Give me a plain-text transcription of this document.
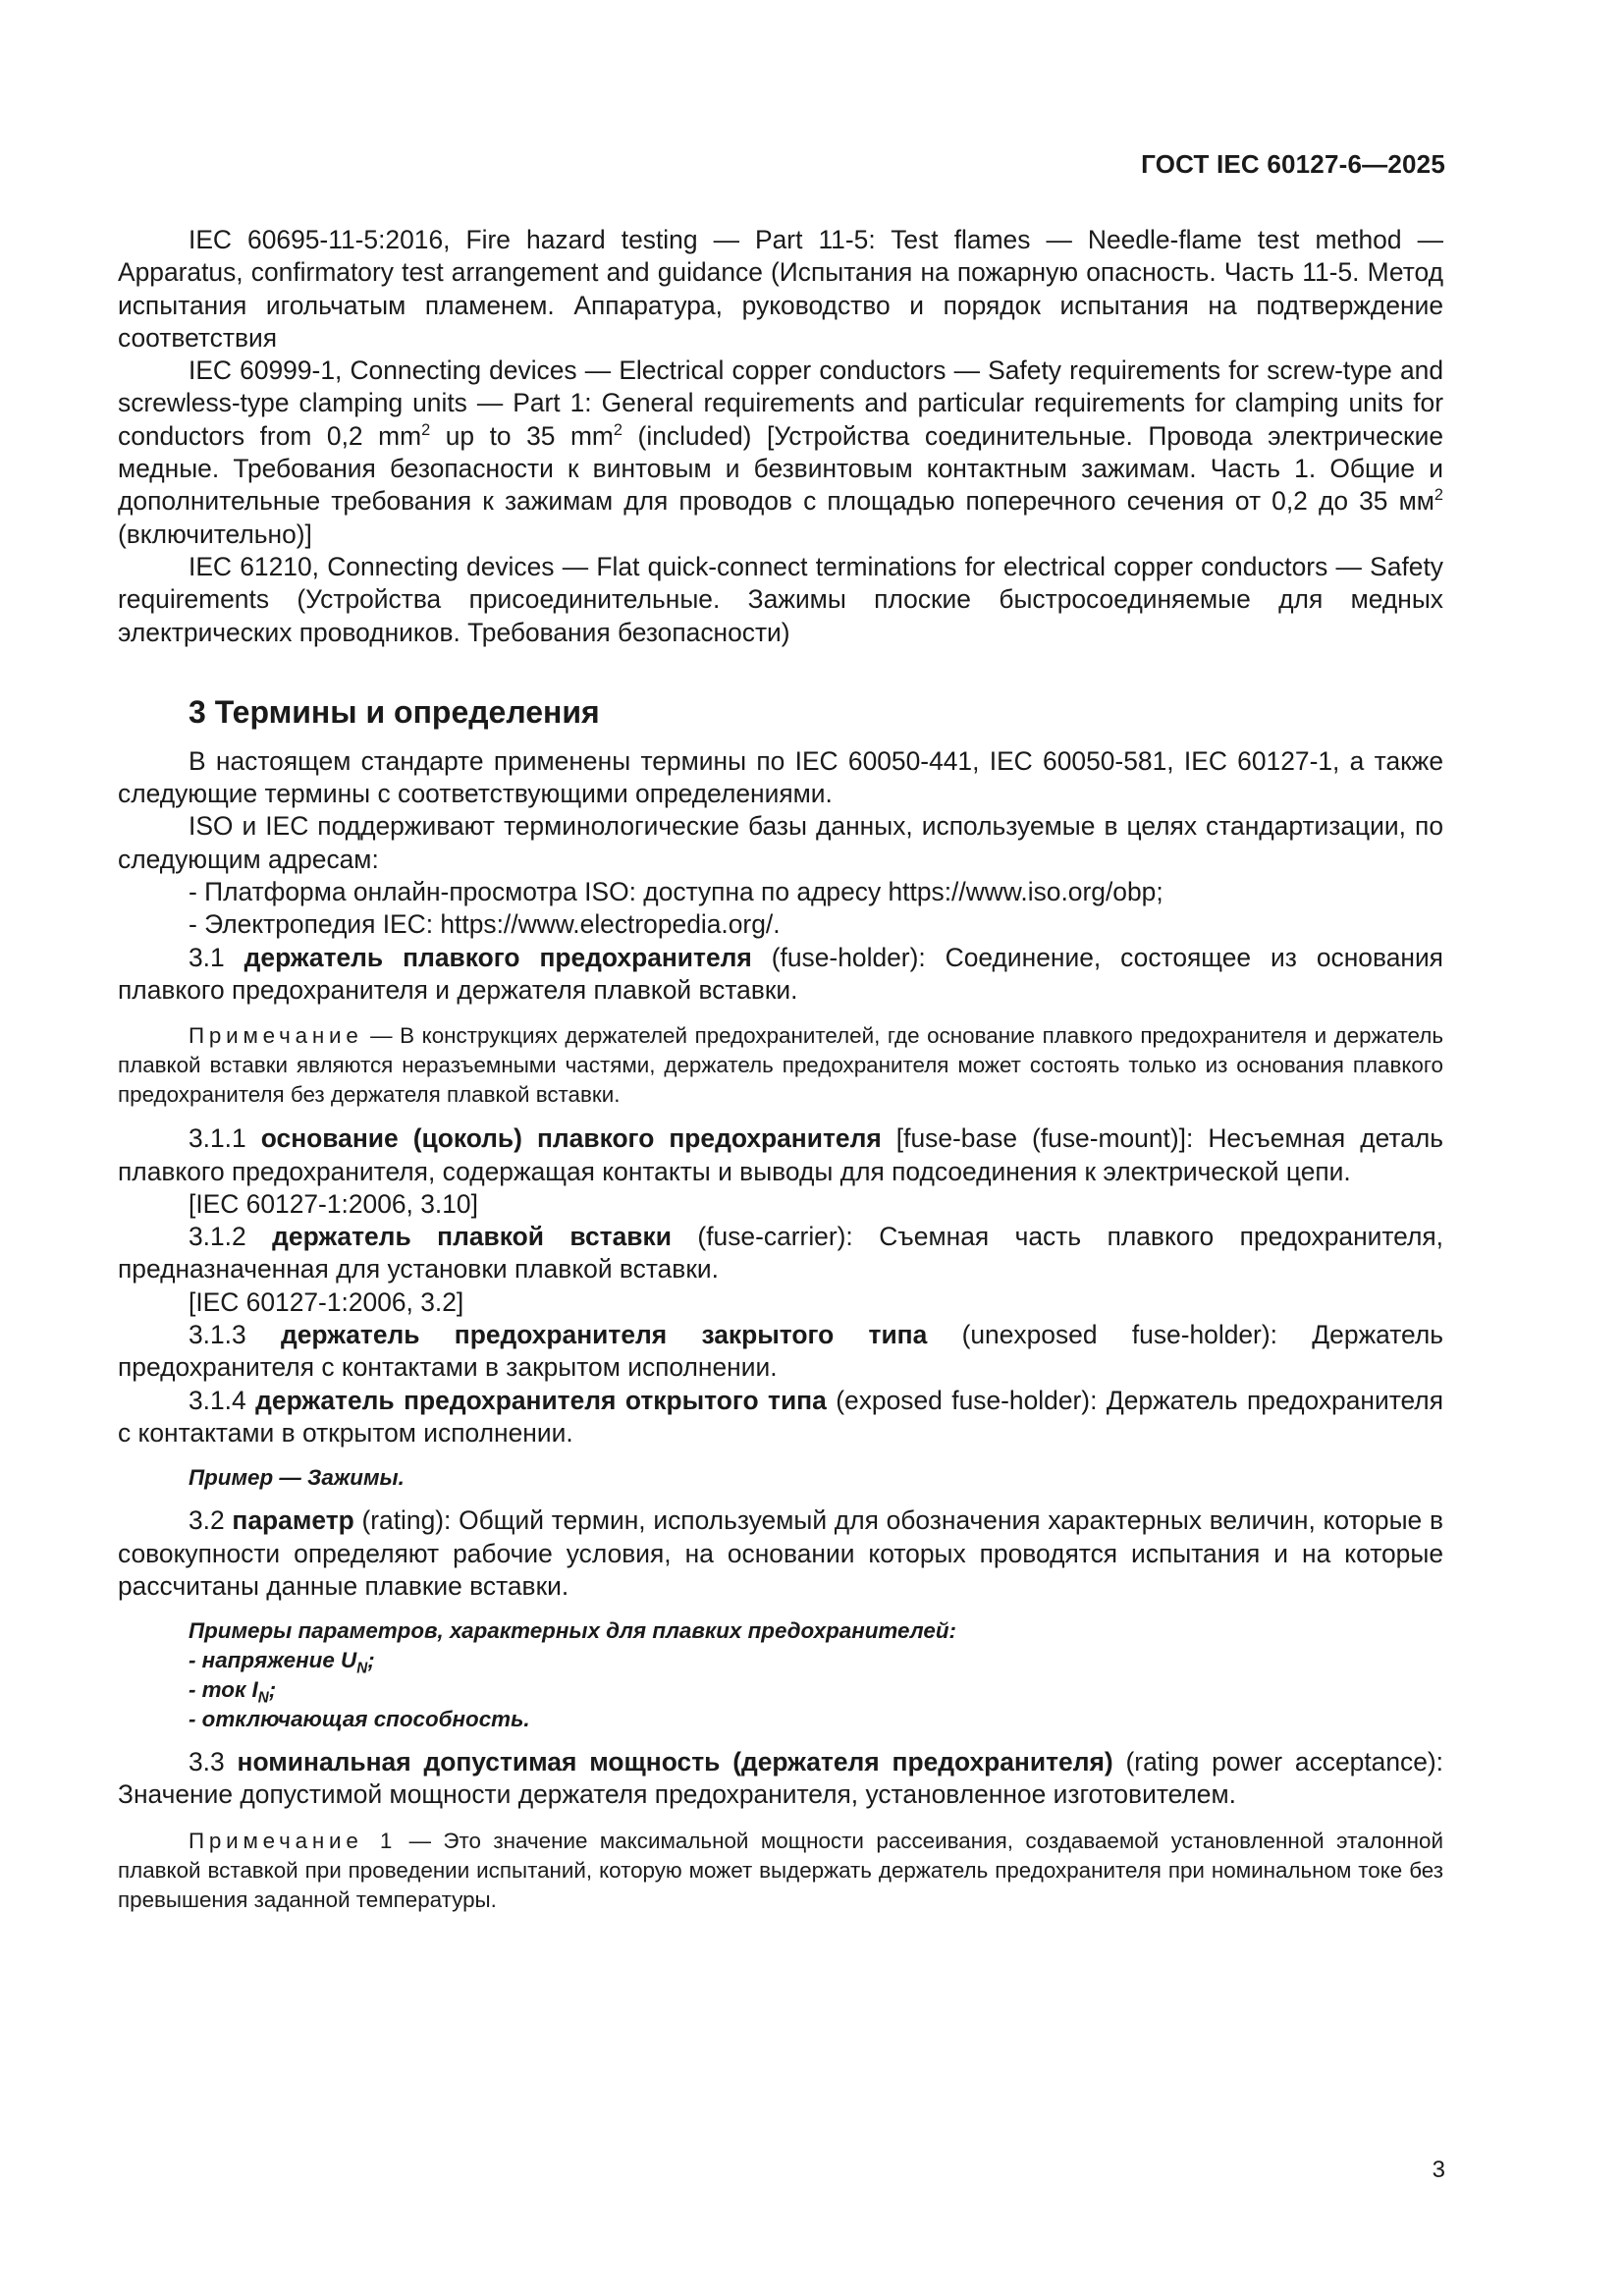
ГОСТ IEC 60127-6—2025

IEC 60695-11-5:2016, Fire hazard testing — Part 11-5: Test flames — Needle-flame test method — Apparatus, confirmatory test arrangement and guidance (Испытания на пожарную опасность. Часть 11-5. Метод испытания игольчатым пламенем. Аппаратура, руководство и порядок испытания на подтверждение соответствия

IEC 60999-1, Connecting devices — Electrical copper conductors — Safety requirements for screw-type and screwless-type clamping units — Part 1: General requirements and particular requirements for clamping units for conductors from 0,2 $mm^2$ up to 35 $mm^2$ (included) [Устройства соединительные. Провода электрические медные. Требования безопасности к винтовым и безвинтовым контактным зажимам. Часть 1. Общие и дополнительные требования к зажимам для проводов с площадью поперечного сечения от 0,2 до 35 $мм^2$ (включительно)]

IEC 61210, Connecting devices — Flat quick-connect terminations for electrical copper conductors — Safety requirements (Устройства присоединительные. Зажимы плоские быстросоединяемые для медных электрических проводников. Требования безопасности)

3 Термины и определения

В настоящем стандарте применены термины по IEC 60050-441, IEC 60050-581, IEC 60127-1, а также следующие термины с соответствующими определениями.

ISO и IEC поддерживают терминологические базы данных, используемые в целях стандартизации, по следующим адресам:

- Платформа онлайн-просмотра ISO: доступна по адресу https://www.iso.org/obp;

- Электропедия IEC: https://www.electropedia.org/.

3.1 держатель плавкого предохранителя (fuse-holder): Соединение, состоящее из основания плавкого предохранителя и держателя плавкой вставки.

Примечание — В конструкциях держателей предохранителей, где основание плавкого предохранителя и держатель плавкой вставки являются неразъемными частями, держатель предохранителя может состоять только из основания плавкого предохранителя без держателя плавкой вставки.

3.1.1 основание (цоколь) плавкого предохранителя [fuse-base (fuse-mount)]: Несъемная деталь плавкого предохранителя, содержащая контакты и выводы для подсоединения к электрической цепи.

[IEC 60127-1:2006, 3.10]

3.1.2 держатель плавкой вставки (fuse-carrier): Съемная часть плавкого предохранителя, предназначенная для установки плавкой вставки.

[IEC 60127-1:2006, 3.2]

3.1.3 держатель предохранителя закрытого типа (unexposed fuse-holder): Держатель предохранителя с контактами в закрытом исполнении.

3.1.4 держатель предохранителя открытого типа (exposed fuse-holder): Держатель предохранителя с контактами в открытом исполнении.

Пример — Зажимы.

3.2 параметр (rating): Общий термин, используемый для обозначения характерных величин, которые в совокупности определяют рабочие условия, на основании которых проводятся испытания и на которые рассчитаны данные плавкие вставки.

Примеры параметров, характерных для плавких предохранителей:
- напряжение $U_N$;
- ток $I_N$;
- отключающая способность.

3.3 номинальная допустимая мощность (держателя предохранителя) (rating power acceptance): Значение допустимой мощности держателя предохранителя, установленное изготовителем.

Примечание 1 — Это значение максимальной мощности рассеивания, создаваемой установленной эталонной плавкой вставкой при проведении испытаний, которую может выдержать держатель предохранителя при номинальном токе без превышения заданной температуры.

3
